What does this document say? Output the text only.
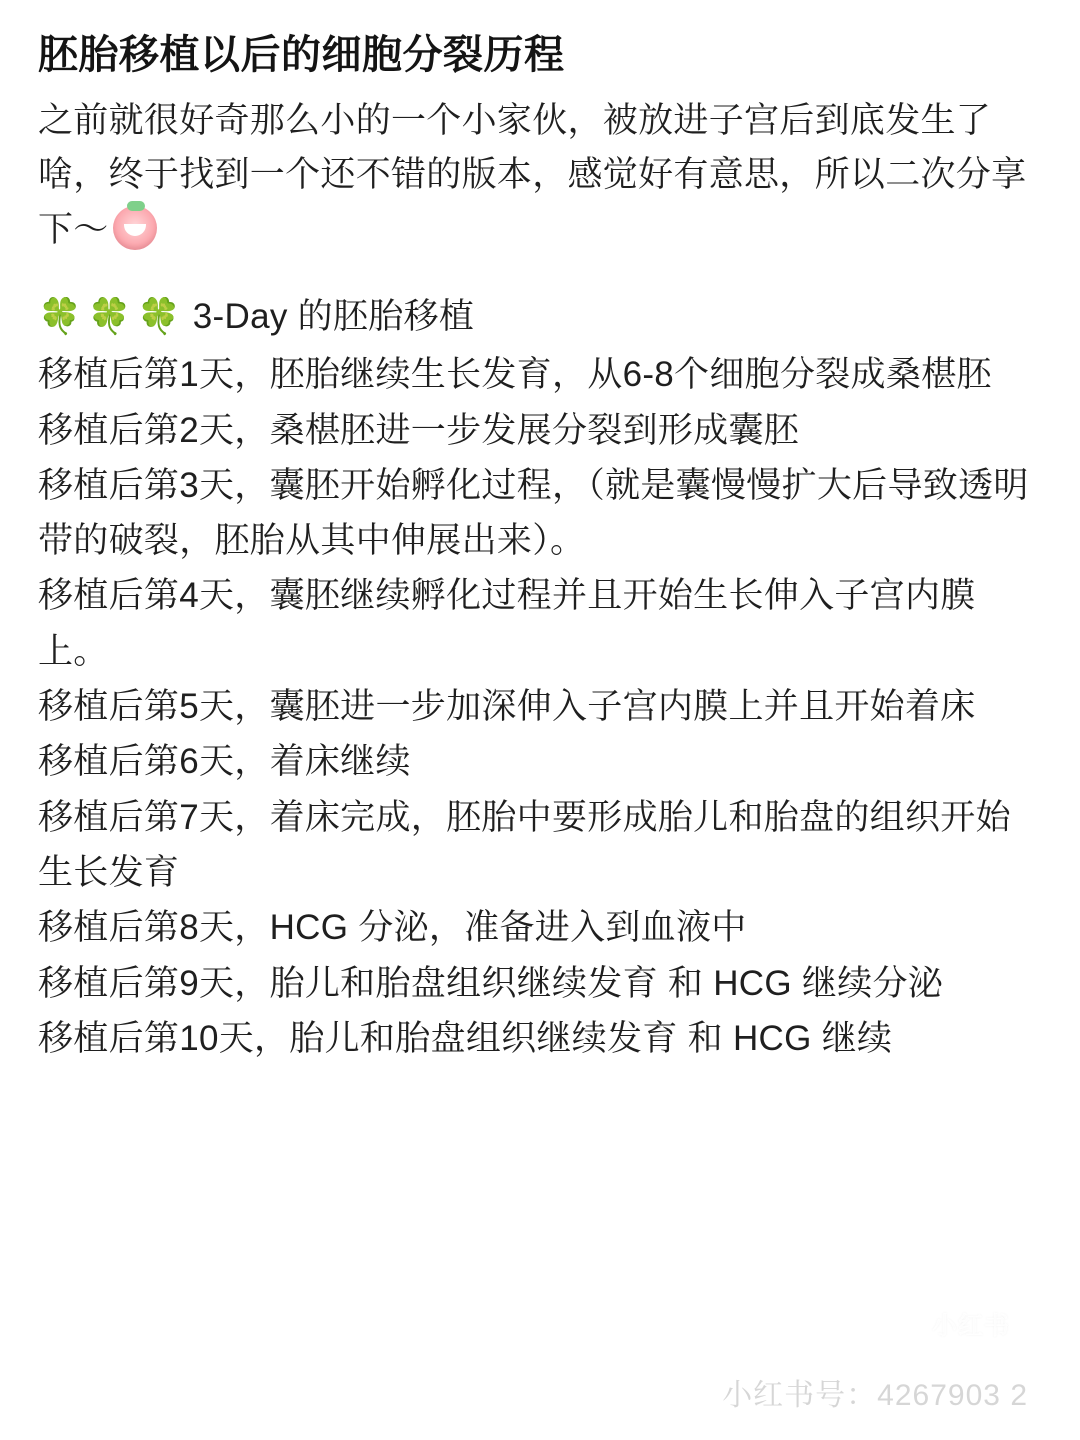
胚胎移植以后的细胞分裂历程

之前就很好奇那么小的一个小家伙，被放进子宫后到底发生了啥，终于找到一个还不错的版本，感觉好有意思，所以二次分享下～

🍀🍀🍀 3-Day 的胚胎移植

移植后第1天，胚胎继续生长发育，从6-8个细胞分裂成桑椹胚

移植后第2天，桑椹胚进一步发展分裂到形成囊胚

移植后第3天，囊胚开始孵化过程，（就是囊慢慢扩大后导致透明带的破裂，胚胎从其中伸展出来）。

移植后第4天，囊胚继续孵化过程并且开始生长伸入子宫内膜上。

移植后第5天，囊胚进一步加深伸入子宫内膜上并且开始着床

移植后第6天，着床继续

移植后第7天，着床完成，胚胎中要形成胎儿和胎盘的组织开始生长发育

移植后第8天，HCG 分泌，准备进入到血液中

移植后第9天，胎儿和胎盘组织继续发育 和 HCG 继续分泌

移植后第10天，胎儿和胎盘组织继续发育 和 HCG 继续

小红书
小红书号：4267903 2
